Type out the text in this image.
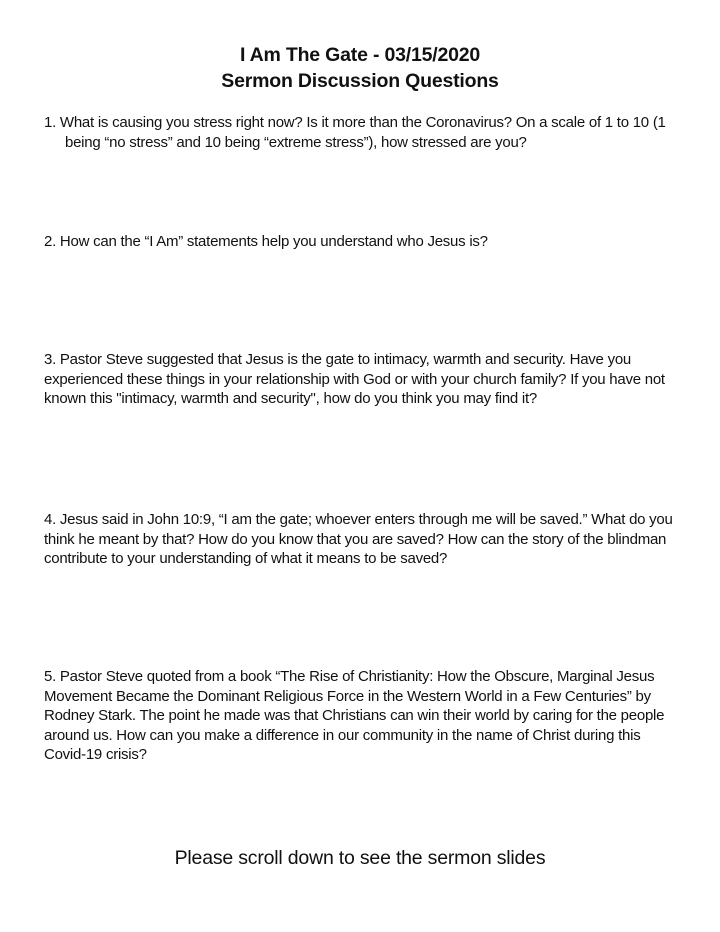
I Am The Gate - 03/15/2020
Sermon Discussion Questions
1. What is causing you stress right now? Is it more than the Coronavirus? On a scale of 1 to 10 (1 being “no stress” and 10 being “extreme stress”), how stressed are you?
2. How can the “I Am” statements help you understand who Jesus is?
3. Pastor Steve suggested that Jesus is the gate to intimacy, warmth and security. Have you experienced these things in your relationship with God or with your church family? If you have not known this "intimacy, warmth and security", how do you think you may find it?
4. Jesus said in John 10:9, “I am the gate; whoever enters through me will be saved.” What do you think he meant by that? How do you know that you are saved? How can the story of the blindman contribute to your understanding of what it means to be saved?
5. Pastor Steve quoted from a book “The Rise of Christianity: How the Obscure, Marginal Jesus Movement Became the Dominant Religious Force in the Western World in a Few Centuries” by Rodney Stark. The point he made was that Christians can win their world by caring for the people around us. How can you make a difference in our community in the name of Christ during this Covid-19 crisis?
Please scroll down to see the sermon slides
